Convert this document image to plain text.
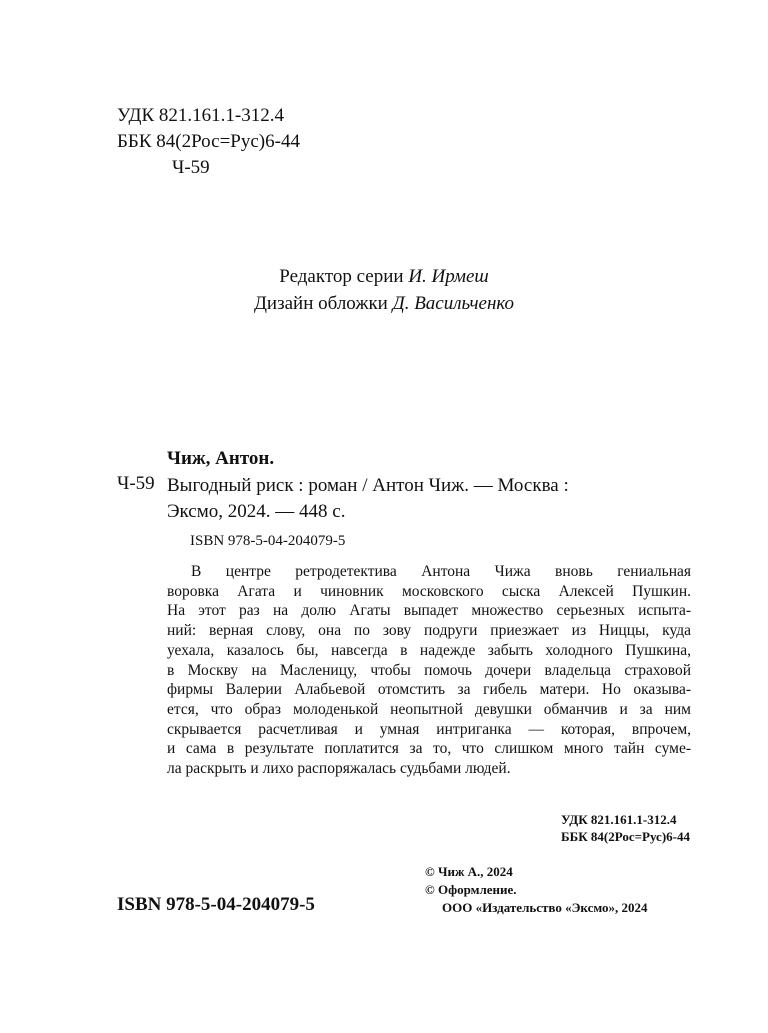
УДК 821.161.1-312.4
ББК 84(2Рос=Рус)6-44
Ч-59
Редактор серии И. Ирмеш
Дизайн обложки Д. Васильченко
Чиж, Антон.
Ч-59 Выгодный риск : роман / Антон Чиж. — Москва :
Эксмо, 2024. — 448 с.
ISBN 978-5-04-204079-5
В центре ретродетектива Антона Чижа вновь гениальная
воровка Агата и чиновник московского сыска Алексей Пушкин.
На этот раз на долю Агаты выпадет множество серьезных испыта-
ний: верная слову, она по зову подруги приезжает из Ниццы, куда
уехала, казалось бы, навсегда в надежде забыть холодного Пушкина,
в Москву на Масленицу, чтобы помочь дочери владельца страховой
фирмы Валерии Алабьевой отомстить за гибель матери. Но оказыва-
ется, что образ молоденькой неопытной девушки обманчив и за ним
скрывается расчетливая и умная интриганка — которая, впрочем,
и сама в результате поплатится за то, что слишком много тайн суме-
ла раскрыть и лихо распоряжалась судьбами людей.
УДК 821.161.1-312.4
ББК 84(2Рос=Рус)6-44
© Чиж А., 2024
© Оформление.
ООО «Издательство «Эксмо», 2024
ISBN 978-5-04-204079-5
